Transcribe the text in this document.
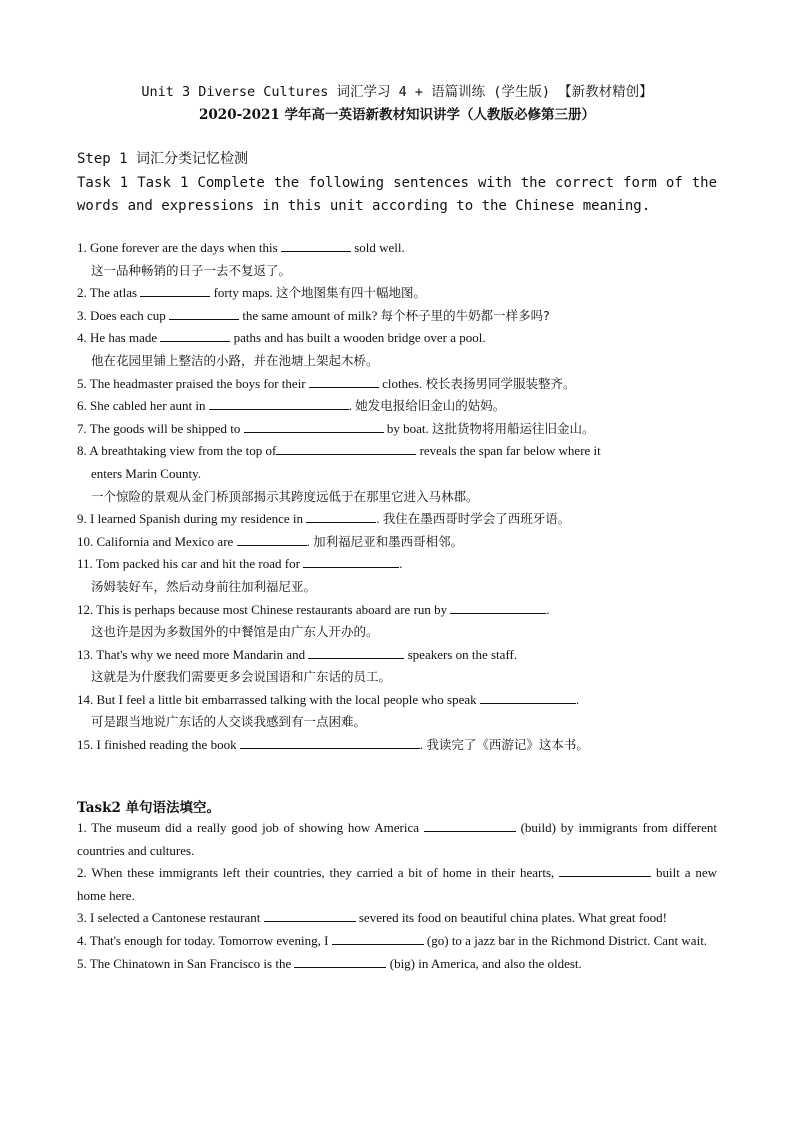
Unit 3 Diverse Cultures 词汇学习 4 + 语篇训练 (学生版) 【新教材精创】
2020-2021 学年高一英语新教材知识讲学（人教版必修第三册）
Step 1 词汇分类记忆检测
Task 1 Task 1 Complete the following sentences with the correct form of the words and expressions in this unit according to the Chinese meaning.
1. Gone forever are the days when this	sold well.
这一品种畅销的日子一去不复返了。
2. The atlas	forty maps. 这个地图集有四十幅地图。
3. Does each cup	the same amount of milk? 每个杯子里的牛奶都一样多吗?
4. He has made	paths and has built a wooden bridge over a pool.
他在花园里铺上整洁的小路，并在池塘上架起木桥。
5. The headmaster praised the boys for their	clothes. 校长表扬男同学服装整齐。
6. She cabled her aunt in	. 她发电报给旧金山的姑妈。
7. The goods will be shipped to	by boat. 这批货物将用船运往旧金山。
8. A breathtaking view from the top of	reveals the span far below where it
enters Marin County.
一个惊险的景观从金门桥顶部揭示其跨度远低于在那里它进入马林郡。
9. I learned Spanish during my residence in	. 我住在墨西哥时学会了西班牙语。
10. California and Mexico are	. 加利福尼亚和墨西哥相邻。
11. Tom packed his car and hit the road for	.
汤姆装好车，然后动身前往加利福尼亚。
12. This is perhaps because most Chinese restaurants aboard are run by	.
这也许是因为多数国外的中餐馆是由广东人开办的。
13. That's why we need more Mandarin and	speakers on the staff.
这就是为什麽我们需要更多会说国语和广东话的员工。
14. But I feel a little bit embarrassed talking with the local people who speak	.
可是跟当地说广东话的人交谈我感到有一点困难。
15. I finished reading the book	. 我读完了《西游记》这本书。
Task2 单句语法填空。
1. The museum did a really good job of showing how America	(build) by immigrants from different countries and cultures.
2. When these immigrants left their countries, they carried a bit of home in their hearts,	built a new home here.
3. I selected a Cantonese restaurant	severed its food on beautiful china plates. What great food!
4. That's enough for today. Tomorrow evening, I	(go) to a jazz bar in the Richmond District. Cant wait.
5. The Chinatown in San Francisco is the	(big) in America, and also the oldest.
